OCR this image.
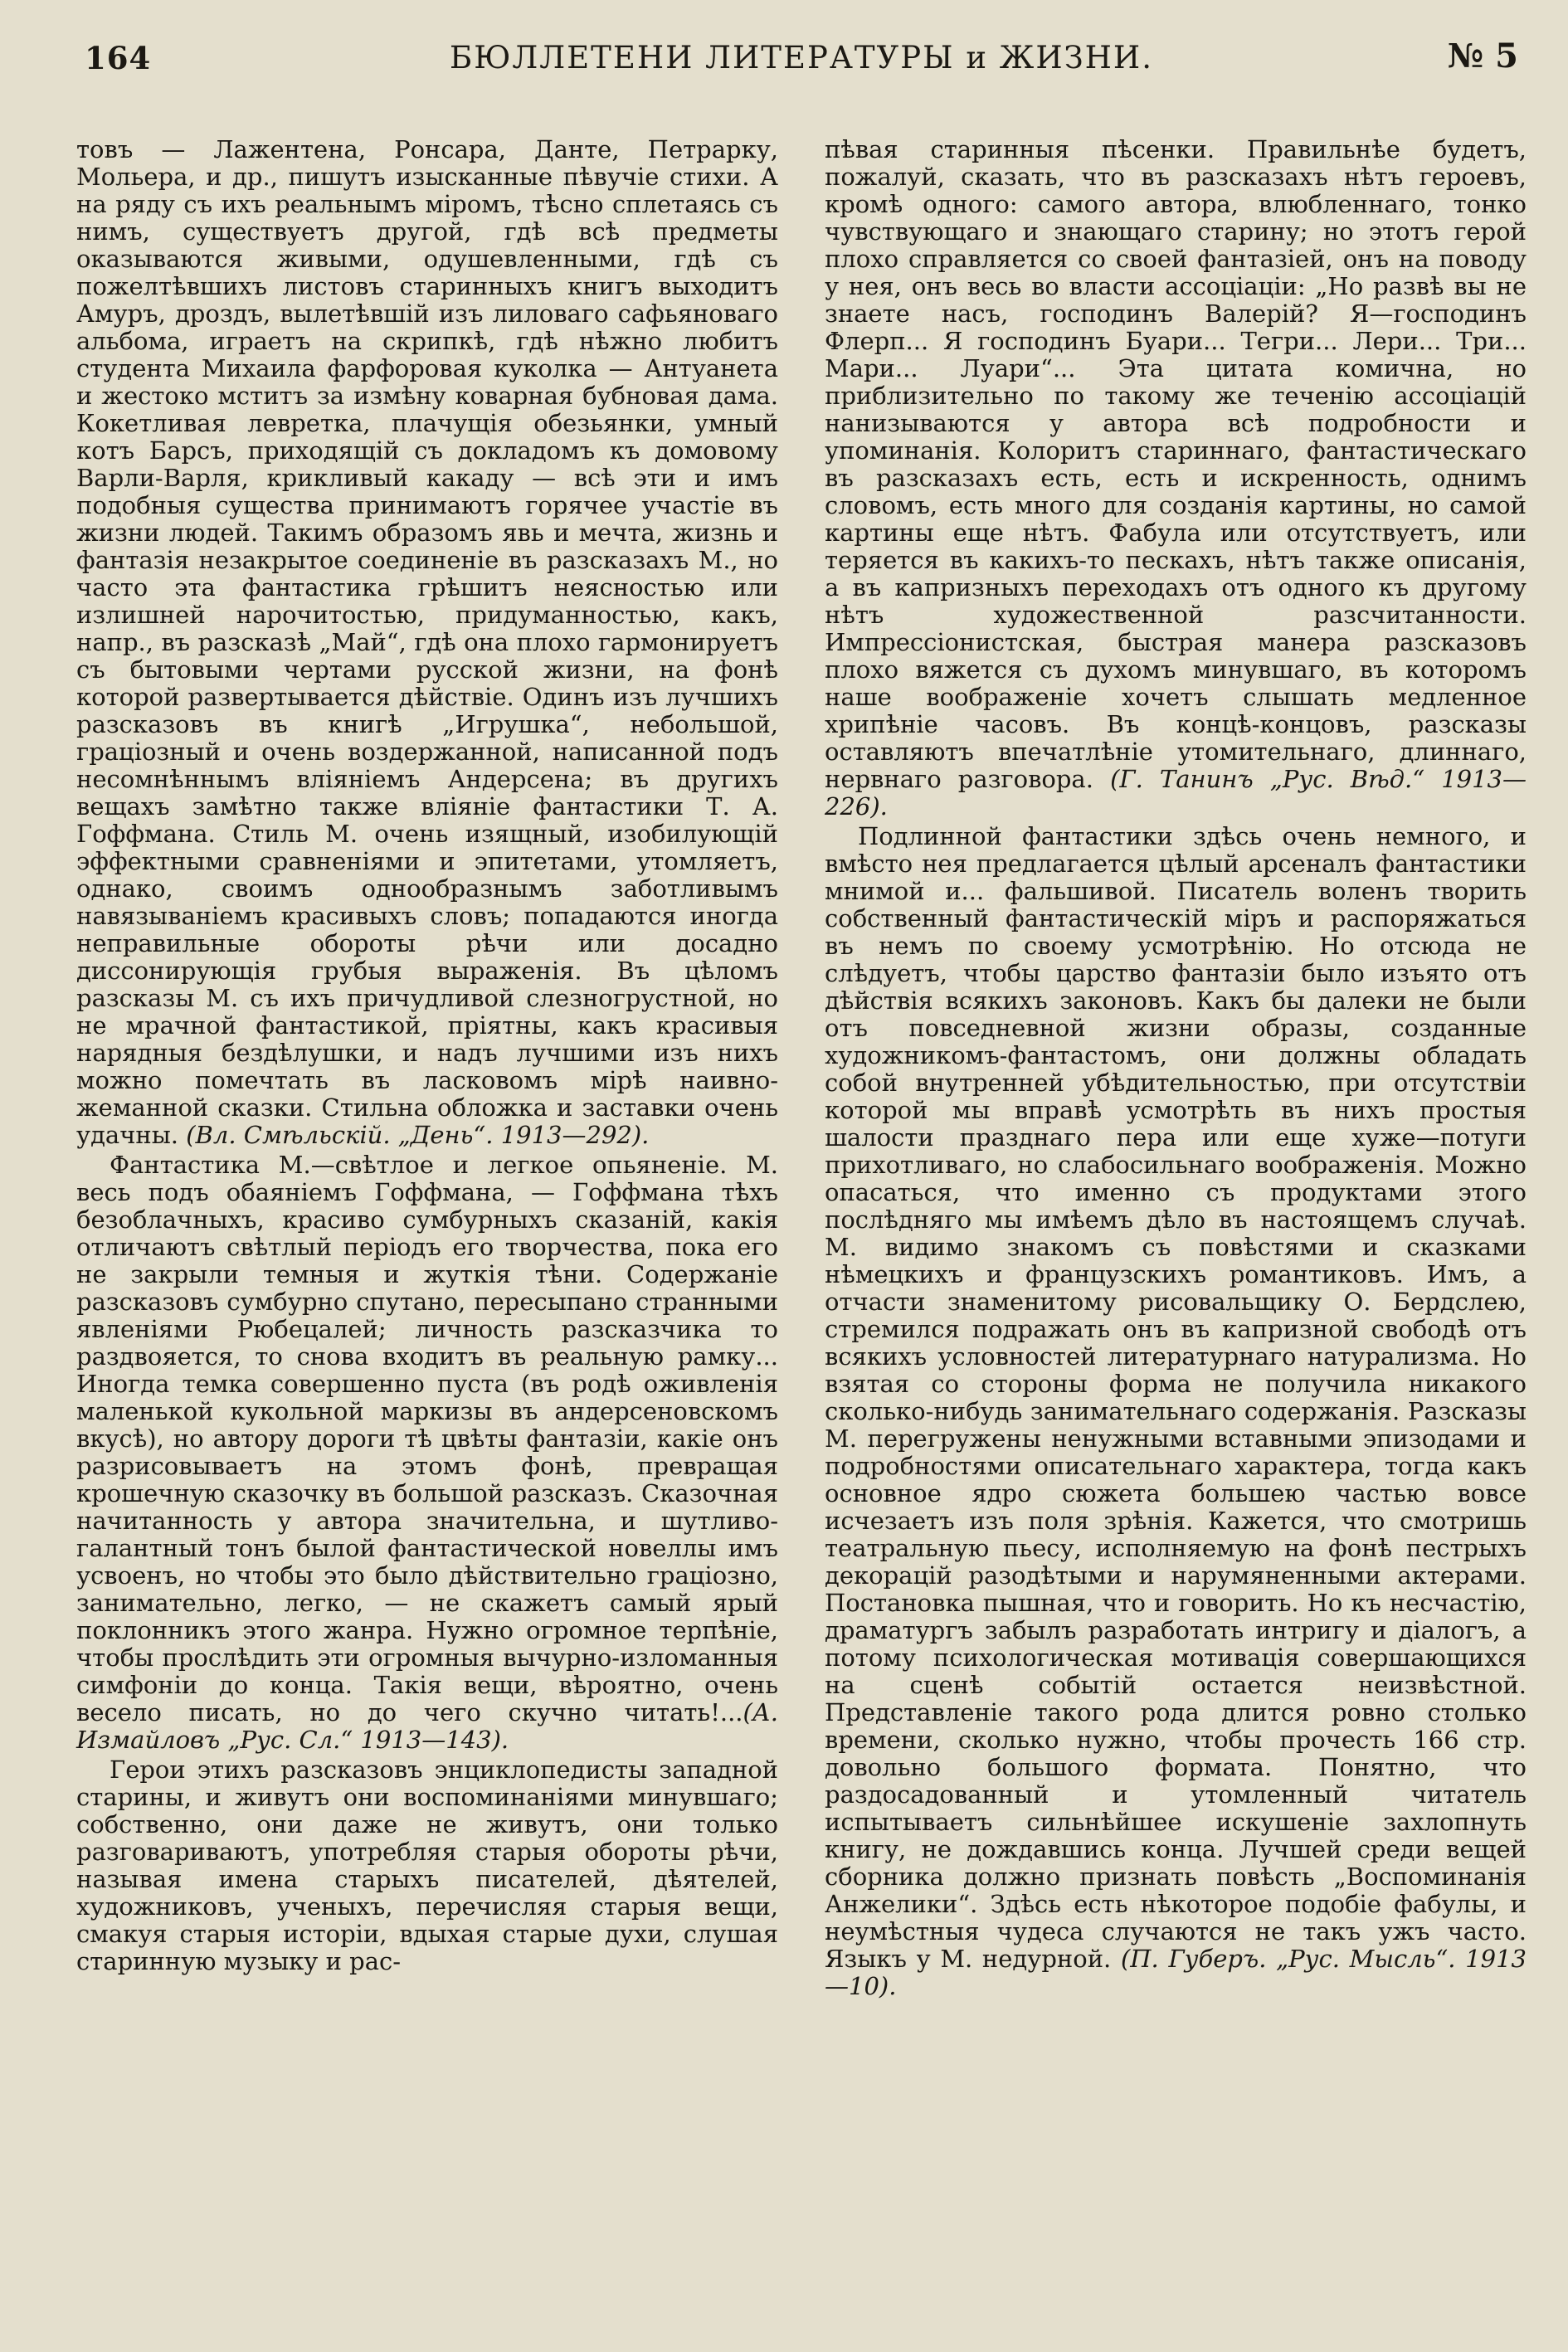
164	БЮЛЛЕТЕНИ ЛИТЕРАТУРЫ и ЖИЗНИ.	№ 5

товъ — Лажентена, Ронсара, Данте, Петрарку, Мольера, и др., пишутъ изысканные пѣвучіе стихи. А на ряду съ ихъ реальнымъ міромъ, тѣсно сплетаясь съ нимъ, существуетъ другой, гдѣ всѣ предметы оказываются живыми, одушевленными, гдѣ съ пожелтѣвшихъ листовъ старинныхъ книгъ выходитъ Амуръ, дроздъ, вылетѣвшій изъ лиловаго сафьяноваго альбома, играетъ на скрипкѣ, гдѣ нѣжно любитъ студента Михаила фарфоровая куколка — Антуанета и жестоко мститъ за измѣну коварная бубновая дама. Кокетливая левретка, плачущія обезьянки, умный котъ Барсъ, приходящій съ докладомъ къ домовому Варли-Варля, крикливый какаду — всѣ эти и имъ подобныя существа принимаютъ горячее участіе въ жизни людей. Такимъ образомъ явь и мечта, жизнь и фантазія незакрытое соединеніе въ разсказахъ М., но часто эта фантастика грѣшитъ неясностью или излишней нарочитостью, придуманностью, какъ, напр., въ разсказѣ „Май“, гдѣ она плохо гармонируетъ съ бытовыми чертами русской жизни, на фонѣ которой развертывается дѣйствіе. Одинъ изъ лучшихъ разсказовъ въ книгѣ „Игрушка“, небольшой, граціозный и очень воздержанной, написанной подъ несомнѣннымъ вліяніемъ Андерсена; въ другихъ вещахъ замѣтно также вліяніе фантастики Т. А. Гоффмана. Стиль М. очень изящный, изобилующій эффектными сравненіями и эпитетами, утомляетъ, однако, своимъ однообразнымъ заботливымъ навязываніемъ красивыхъ словъ; попадаются иногда неправильные обороты рѣчи или досадно диссонирующія грубыя выраженія. Въ цѣломъ разсказы М. съ ихъ причудливой слезногрустной, но не мрачной фантастикой, пріятны, какъ красивыя нарядныя бездѣлушки, и надъ лучшими изъ нихъ можно помечтать въ ласковомъ мірѣ наивно-жеманной сказки. Стильна обложка и заставки очень удачны. (Вл. Смѣльскій. „День“. 1913—292).

Фантастика М.—свѣтлое и легкое опьяненіе. М. весь подъ обаяніемъ Гоффмана, — Гоффмана тѣхъ безоблачныхъ, красиво сумбурныхъ сказаній, какія отличаютъ свѣтлый періодъ его творчества, пока его не закрыли темныя и жуткія тѣни. Содержаніе разсказовъ сумбурно спутано, пересыпано странными явленіями Рюбецалей; личность разсказчика то раздвояется, то снова входитъ въ реальную рамку... Иногда темка совершенно пуста (въ родѣ оживленія маленькой кукольной маркизы въ андерсеновскомъ вкусѣ), но автору дороги тѣ цвѣты фантазіи, какіе онъ разрисовываетъ на этомъ фонѣ, превращая крошечную сказочку въ большой разсказъ. Сказочная начитанность у автора значительна, и шутливо-галантный тонъ былой фантастической новеллы имъ усвоенъ, но чтобы это было дѣйствительно граціозно, занимательно, легко, — не скажетъ самый ярый поклонникъ этого жанра. Нужно огромное терпѣніе, чтобы прослѣдить эти огромныя вычурно-изломанныя симфоніи до конца. Такія вещи, вѣроятно, очень весело писать, но до чего скучно читать!...(А. Измайловъ „Рус. Сл.“ 1913—143).

Герои этихъ разсказовъ энциклопедисты западной старины, и живутъ они воспоминаніями минувшаго; собственно, они даже не живутъ, они только разговариваютъ, употребляя старыя обороты рѣчи, называя имена старыхъ писателей, дѣятелей, художниковъ, ученыхъ, перечисляя старыя вещи, смакуя старыя исторіи, вдыхая старые духи, слушая старинную музыку и рас-

пѣвая старинныя пѣсенки. Правильнѣе будетъ, пожалуй, сказать, что въ разсказахъ нѣтъ героевъ, кромѣ одного: самого автора, влюбленнаго, тонко чувствующаго и знающаго старину; но этотъ герой плохо справляется со своей фантазіей, онъ на поводу у нея, онъ весь во власти ассоціаціи: „Но развѣ вы не знаете насъ, господинъ Валерій? Я—господинъ Флерп... Я господинъ Буари... Тегри... Лери... Три... Мари... Луари“... Эта цитата комична, но приблизительно по такому же теченію ассоціацій нанизываются у автора всѣ подробности и упоминанія. Колоритъ стариннаго, фантастическаго въ разсказахъ есть, есть и искренность, однимъ словомъ, есть много для созданія картины, но самой картины еще нѣтъ. Фабула или отсутствуетъ, или теряется въ какихъ-то пескахъ, нѣтъ также описанія, а въ капризныхъ переходахъ отъ одного къ другому нѣтъ художественной разсчитанности. Импрессіонистская, быстрая манера разсказовъ плохо вяжется съ духомъ минувшаго, въ которомъ наше воображеніе хочетъ слышать медленное хрипѣніе часовъ. Въ концѣ-концовъ, разсказы оставляютъ впечатлѣніе утомительнаго, длиннаго, нервнаго разговора. (Г. Танинъ „Рус. Вѣд.“ 1913—226).

Подлинной фантастики здѣсь очень немного, и вмѣсто нея предлагается цѣлый арсеналъ фантастики мнимой и... фальшивой. Писатель воленъ творить собственный фантастическій міръ и распоряжаться въ немъ по своему усмотрѣнію. Но отсюда не слѣдуетъ, чтобы царство фантазіи было изъято отъ дѣйствія всякихъ законовъ. Какъ бы далеки не были отъ повседневной жизни образы, созданные художникомъ-фантастомъ, они должны обладать собой внутренней убѣдительностью, при отсутствіи которой мы вправѣ усмотрѣть въ нихъ простыя шалости празднаго пера или еще хуже—потуги прихотливаго, но слабосильнаго воображенія. Можно опасаться, что именно съ продуктами этого послѣдняго мы имѣемъ дѣло въ настоящемъ случаѣ. М. видимо знакомъ съ повѣстями и сказками нѣмецкихъ и французскихъ романтиковъ. Имъ, а отчасти знаменитому рисовальщику О. Бердслею, стремился подражать онъ въ капризной свободѣ отъ всякихъ условностей литературнаго натурализма. Но взятая со стороны форма не получила никакого сколько-нибудь занимательнаго содержанія. Разсказы М. перегружены ненужными вставными эпизодами и подробностями описательнаго характера, тогда какъ основное ядро сюжета большею частью вовсе исчезаетъ изъ поля зрѣнія. Кажется, что смотришь театральную пьесу, исполняемую на фонѣ пестрыхъ декорацій разодѣтыми и нарумяненными актерами. Постановка пышная, что и говорить. Но къ несчастію, драматургъ забылъ разработать интригу и діалогъ, а потому психологическая мотивація совершающихся на сценѣ событій остается неизвѣстной. Представленіе такого рода длится ровно столько времени, сколько нужно, чтобы прочесть 166 стр. довольно большого формата. Понятно, что раздосадованный и утомленный читатель испытываетъ сильнѣйшее искушеніе захлопнуть книгу, не дождавшись конца. Лучшей среди вещей сборника должно признать повѣсть „Воспоминанія Анжелики“. Здѣсь есть нѣкоторое подобіе фабулы, и неумѣстныя чудеса случаются не такъ ужъ часто. Языкъ у М. недурной. (П. Губеръ. „Рус. Мысль“. 1913—10).
